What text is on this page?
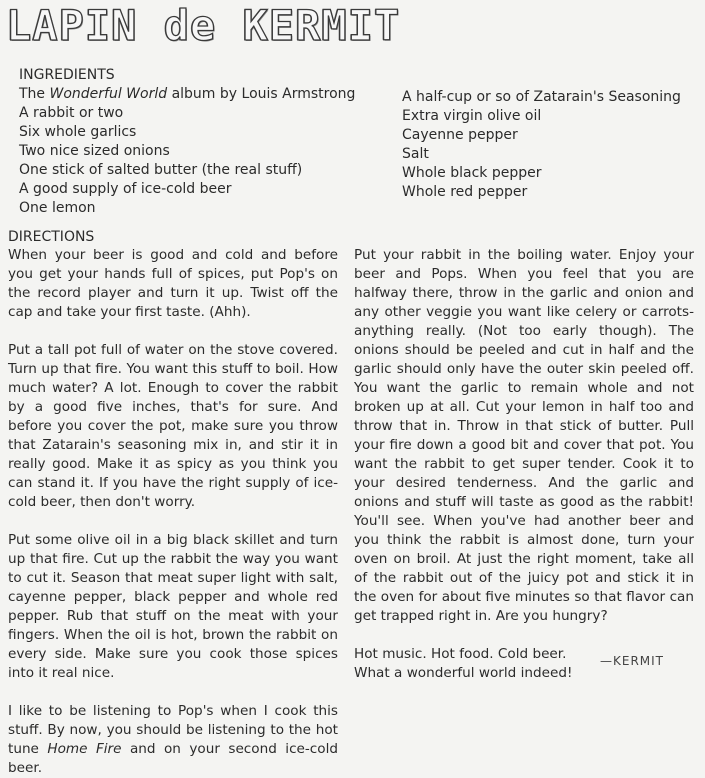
LAPIN de KERMIT
INGREDIENTS
The Wonderful World album by Louis Armstrong
A rabbit or two
Six whole garlics
Two nice sized onions
One stick of salted butter (the real stuff)
A good supply of ice-cold beer
One lemon
A half-cup or so of Zatarain's Seasoning
Extra virgin olive oil
Cayenne pepper
Salt
Whole black pepper
Whole red pepper
DIRECTIONS

When your beer is good and cold and before you get your hands full of spices, put Pop's on the record player and turn it up. Twist off the cap and take your first taste. (Ahh).

Put a tall pot full of water on the stove covered. Turn up that fire. You want this stuff to boil. How much water? A lot. Enough to cover the rabbit by a good five inches, that's for sure. And before you cover the pot, make sure you throw that Zatarain's seasoning mix in, and stir it in really good. Make it as spicy as you think you can stand it. If you have the right supply of ice-cold beer, then don't worry.

Put some olive oil in a big black skillet and turn up that fire. Cut up the rabbit the way you want to cut it. Season that meat super light with salt, cayenne pepper, black pepper and whole red pepper. Rub that stuff on the meat with your fingers. When the oil is hot, brown the rabbit on every side. Make sure you cook those spices into it real nice.

I like to be listening to Pop's when I cook this stuff. By now, you should be listening to the hot tune Home Fire and on your second ice-cold beer.

Put your rabbit in the boiling water. Enjoy your beer and Pops. When you feel that you are halfway there, throw in the garlic and onion and any other veggie you want like celery or carrots- anything really. (Not too early though). The onions should be peeled and cut in half and the garlic should only have the outer skin peeled off. You want the garlic to remain whole and not broken up at all. Cut your lemon in half too and throw that in. Throw in that stick of butter. Pull your fire down a good bit and cover that pot. You want the rabbit to get super tender. Cook it to your desired tenderness. And the garlic and onions and stuff will taste as good as the rabbit! You'll see. When you've had another beer and you think the rabbit is almost done, turn your oven on broil. At just the right moment, take all of the rabbit out of the juicy pot and stick it in the oven for about five minutes so that flavor can get trapped right in. Are you hungry?

Hot music. Hot food. Cold beer.

What a wonderful world indeed!

—KERMIT
